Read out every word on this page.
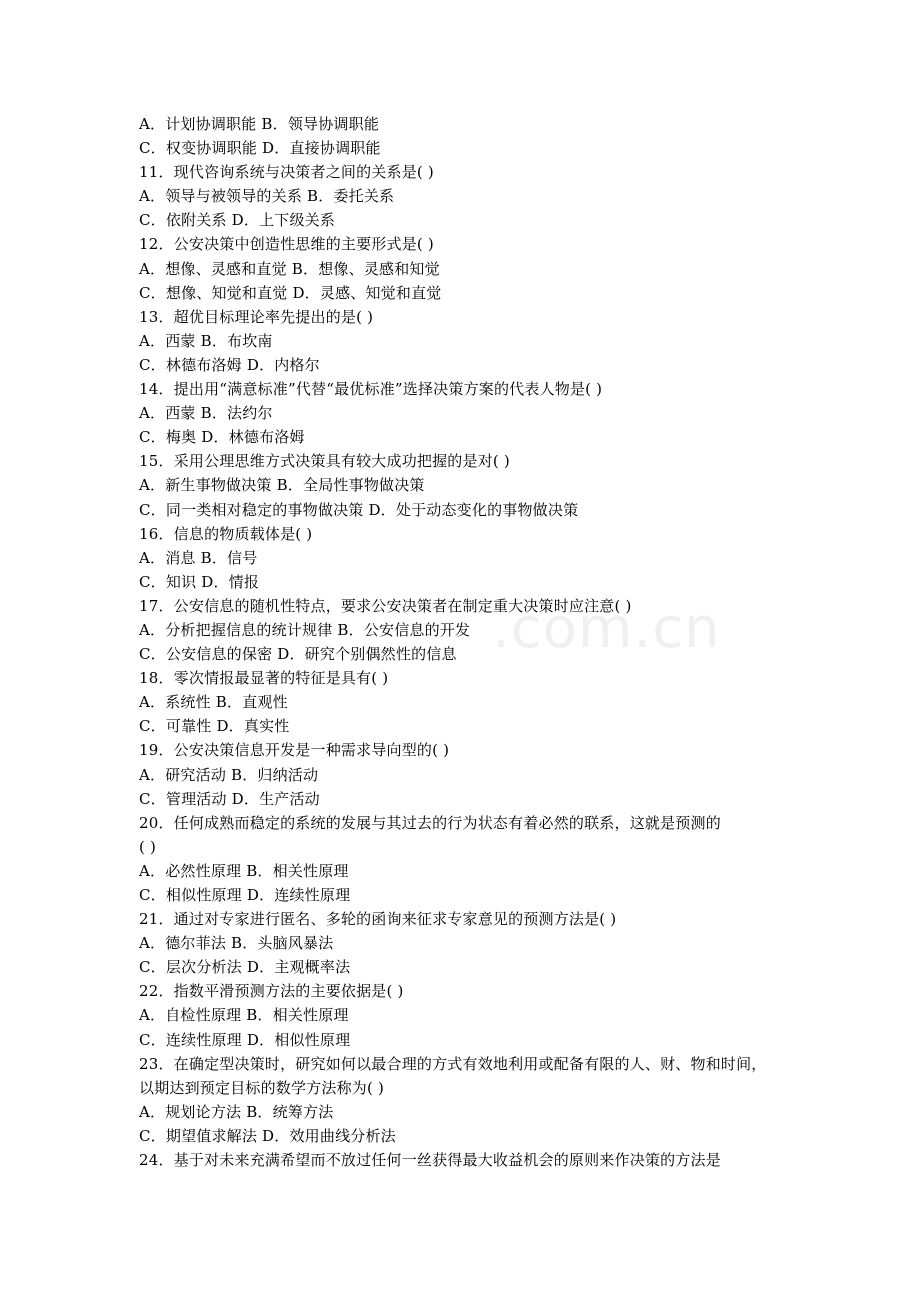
.com.cn
A．计划协调职能 B．领导协调职能
C．权变协调职能 D．直接协调职能
11．现代咨询系统与决策者之间的关系是( )
A．领导与被领导的关系 B．委托关系
C．依附关系 D．上下级关系
12．公安决策中创造性思维的主要形式是( )
A．想像、灵感和直觉 B．想像、灵感和知觉
C．想像、知觉和直觉 D．灵感、知觉和直觉
13．超优目标理论率先提出的是( )
A．西蒙 B．布坎南
C．林德布洛姆 D．内格尔
14．提出用“满意标准”代替“最优标准”选择决策方案的代表人物是( )
A．西蒙 B．法约尔
C．梅奥 D．林德布洛姆
15．采用公理思维方式决策具有较大成功把握的是对( )
A．新生事物做决策 B．全局性事物做决策
C．同一类相对稳定的事物做决策 D．处于动态变化的事物做决策
16．信息的物质载体是( )
A．消息 B．信号
C．知识 D．情报
17．公安信息的随机性特点，要求公安决策者在制定重大决策时应注意( )
A．分析把握信息的统计规律 B．公安信息的开发
C．公安信息的保密 D．研究个别偶然性的信息
18．零次情报最显著的特征是具有( )
A．系统性 B．直观性
C．可靠性 D．真实性
19．公安决策信息开发是一种需求导向型的( )
A．研究活动 B．归纳活动
C．管理活动 D．生产活动
20．任何成熟而稳定的系统的发展与其过去的行为状态有着必然的联系，这就是预测的
( )
A．必然性原理 B．相关性原理
C．相似性原理 D．连续性原理
21．通过对专家进行匿名、多轮的函询来征求专家意见的预测方法是( )
A．德尔菲法 B．头脑风暴法
C．层次分析法 D．主观概率法
22．指数平滑预测方法的主要依据是( )
A．自检性原理 B．相关性原理
C．连续性原理 D．相似性原理
23．在确定型决策时，研究如何以最合理的方式有效地利用或配备有限的人、财、物和时间，
以期达到预定目标的数学方法称为( )
A．规划论方法 B．统筹方法
C．期望值求解法 D．效用曲线分析法
24．基于对未来充满希望而不放过任何一丝获得最大收益机会的原则来作决策的方法是
